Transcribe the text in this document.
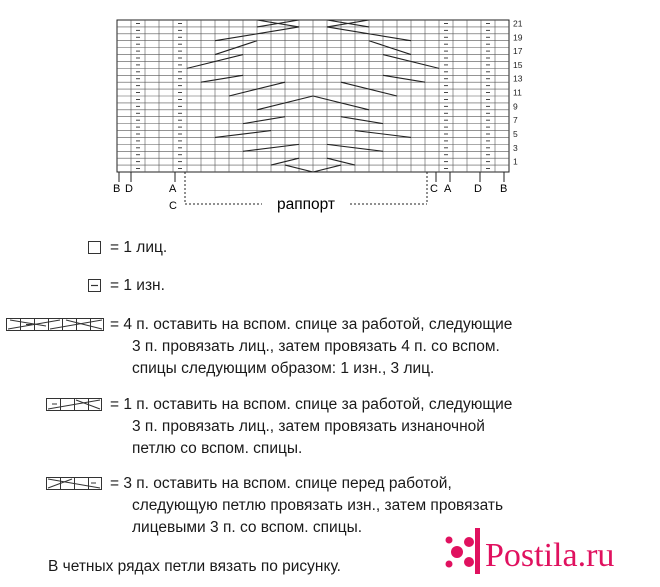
21
19
17
15
13
11
9
7
5
3
1
B D	A
C
C A D B
раппорт
= 1 лиц.
= 1 изн.
= 4 п. оставить на вспом. спице за работой, следующие
3 п. провязать лиц., затем провязать 4 п. со вспом.
спицы следующим образом: 1 изн., 3 лиц.
= 1 п. оставить на вспом. спице за работой, следующие
3 п. провязать лиц., затем провязать изнаночной
петлю со вспом. спицы.
= 3 п. оставить на вспом. спице перед работой,
следующую петлю провязать изн., затем провязать
лицевыми 3 п. со вспом. спицы.
В четных рядах петли вязать по рисунку.	Postila.ru
